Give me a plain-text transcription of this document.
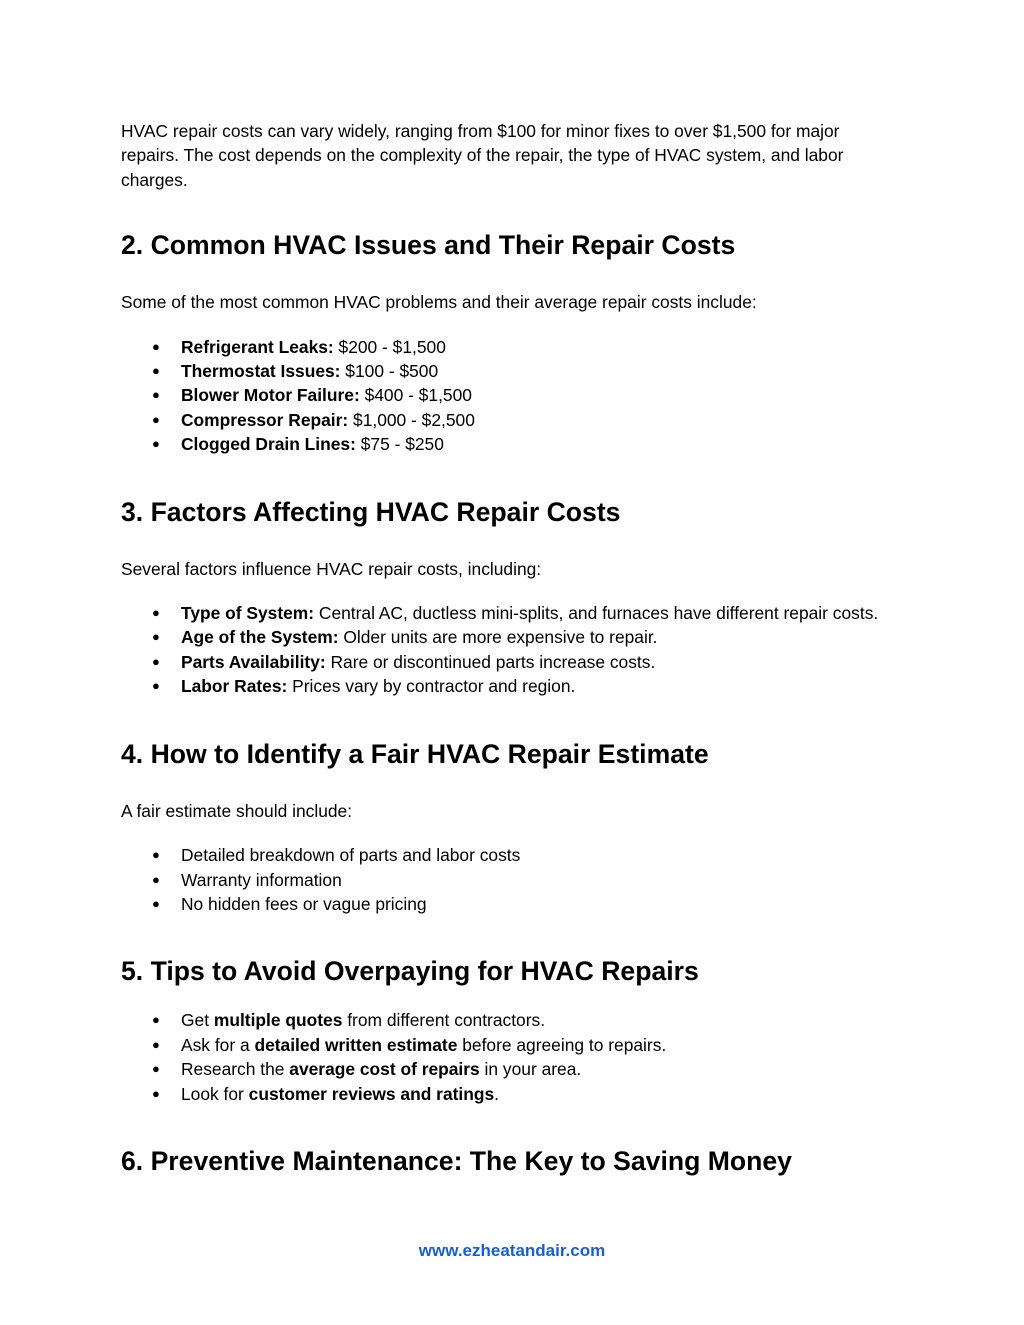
HVAC repair costs can vary widely, ranging from $100 for minor fixes to over $1,500 for major repairs. The cost depends on the complexity of the repair, the type of HVAC system, and labor charges.

2. Common HVAC Issues and Their Repair Costs

Some of the most common HVAC problems and their average repair costs include:

● Refrigerant Leaks: $200 - $1,500
● Thermostat Issues: $100 - $500
● Blower Motor Failure: $400 - $1,500
● Compressor Repair: $1,000 - $2,500
● Clogged Drain Lines: $75 - $250
3. Factors Affecting HVAC Repair Costs

Several factors influence HVAC repair costs, including:

● Type of System: Central AC, ductless mini-splits, and furnaces have different repair costs.
● Age of the System: Older units are more expensive to repair.
● Parts Availability: Rare or discontinued parts increase costs.
● Labor Rates: Prices vary by contractor and region.
4. How to Identify a Fair HVAC Repair Estimate

A fair estimate should include:

● Detailed breakdown of parts and labor costs
● Warranty information
● No hidden fees or vague pricing
5. Tips to Avoid Overpaying for HVAC Repairs
● Get multiple quotes from different contractors.
● Ask for a detailed written estimate before agreeing to repairs.
● Research the average cost of repairs in your area.
● Look for customer reviews and ratings.
6. Preventive Maintenance: The Key to Saving Money
www.ezheatandair.com
